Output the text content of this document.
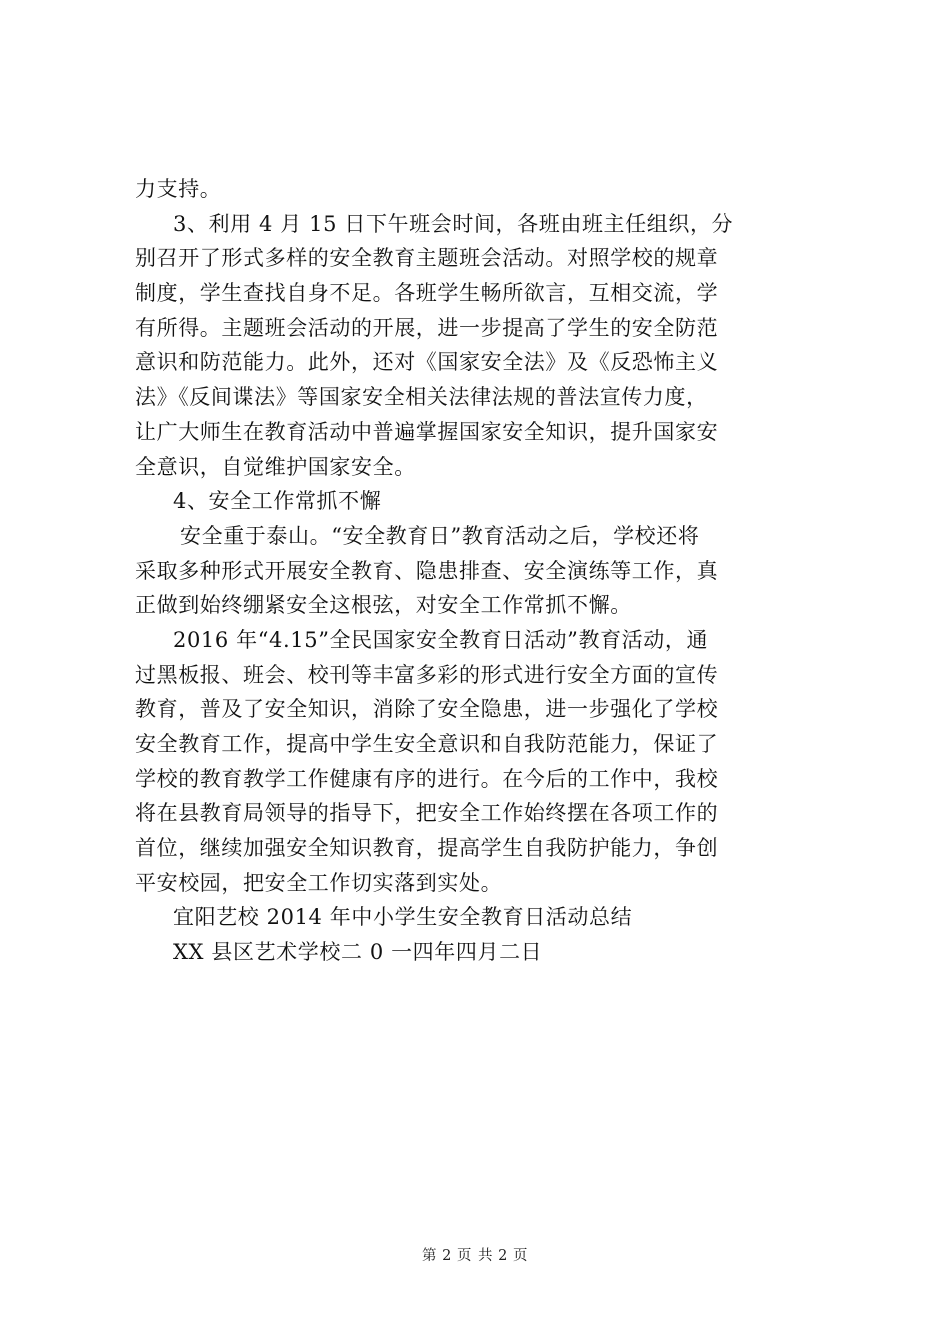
力支持。
3、利用 4 月 15 日下午班会时间，各班由班主任组织，分
别召开了形式多样的安全教育主题班会活动。对照学校的规章
制度，学生查找自身不足。各班学生畅所欲言，互相交流，学
有所得。主题班会活动的开展，进一步提高了学生的安全防范
意识和防范能力。此外，还对《国家安全法》及《反恐怖主义
法》《反间谍法》等国家安全相关法律法规的普法宣传力度，
让广大师生在教育活动中普遍掌握国家安全知识，提升国家安
全意识，自觉维护国家安全。
4、安全工作常抓不懈
安全重于泰山。“安全教育日”教育活动之后，学校还将
采取多种形式开展安全教育、隐患排查、安全演练等工作，真
正做到始终绷紧安全这根弦，对安全工作常抓不懈。
2016 年“4.15”全民国家安全教育日活动”教育活动，通
过黑板报、班会、校刊等丰富多彩的形式进行安全方面的宣传
教育，普及了安全知识，消除了安全隐患，进一步强化了学校
安全教育工作，提高中学生安全意识和自我防范能力，保证了
学校的教育教学工作健康有序的进行。在今后的工作中，我校
将在县教育局领导的指导下，把安全工作始终摆在各项工作的
首位，继续加强安全知识教育，提高学生自我防护能力，争创
平安校园，把安全工作切实落到实处。
宜阳艺校 2014 年中小学生安全教育日活动总结
XX 县区艺术学校二 0 一四年四月二日
第 2 页 共 2 页
